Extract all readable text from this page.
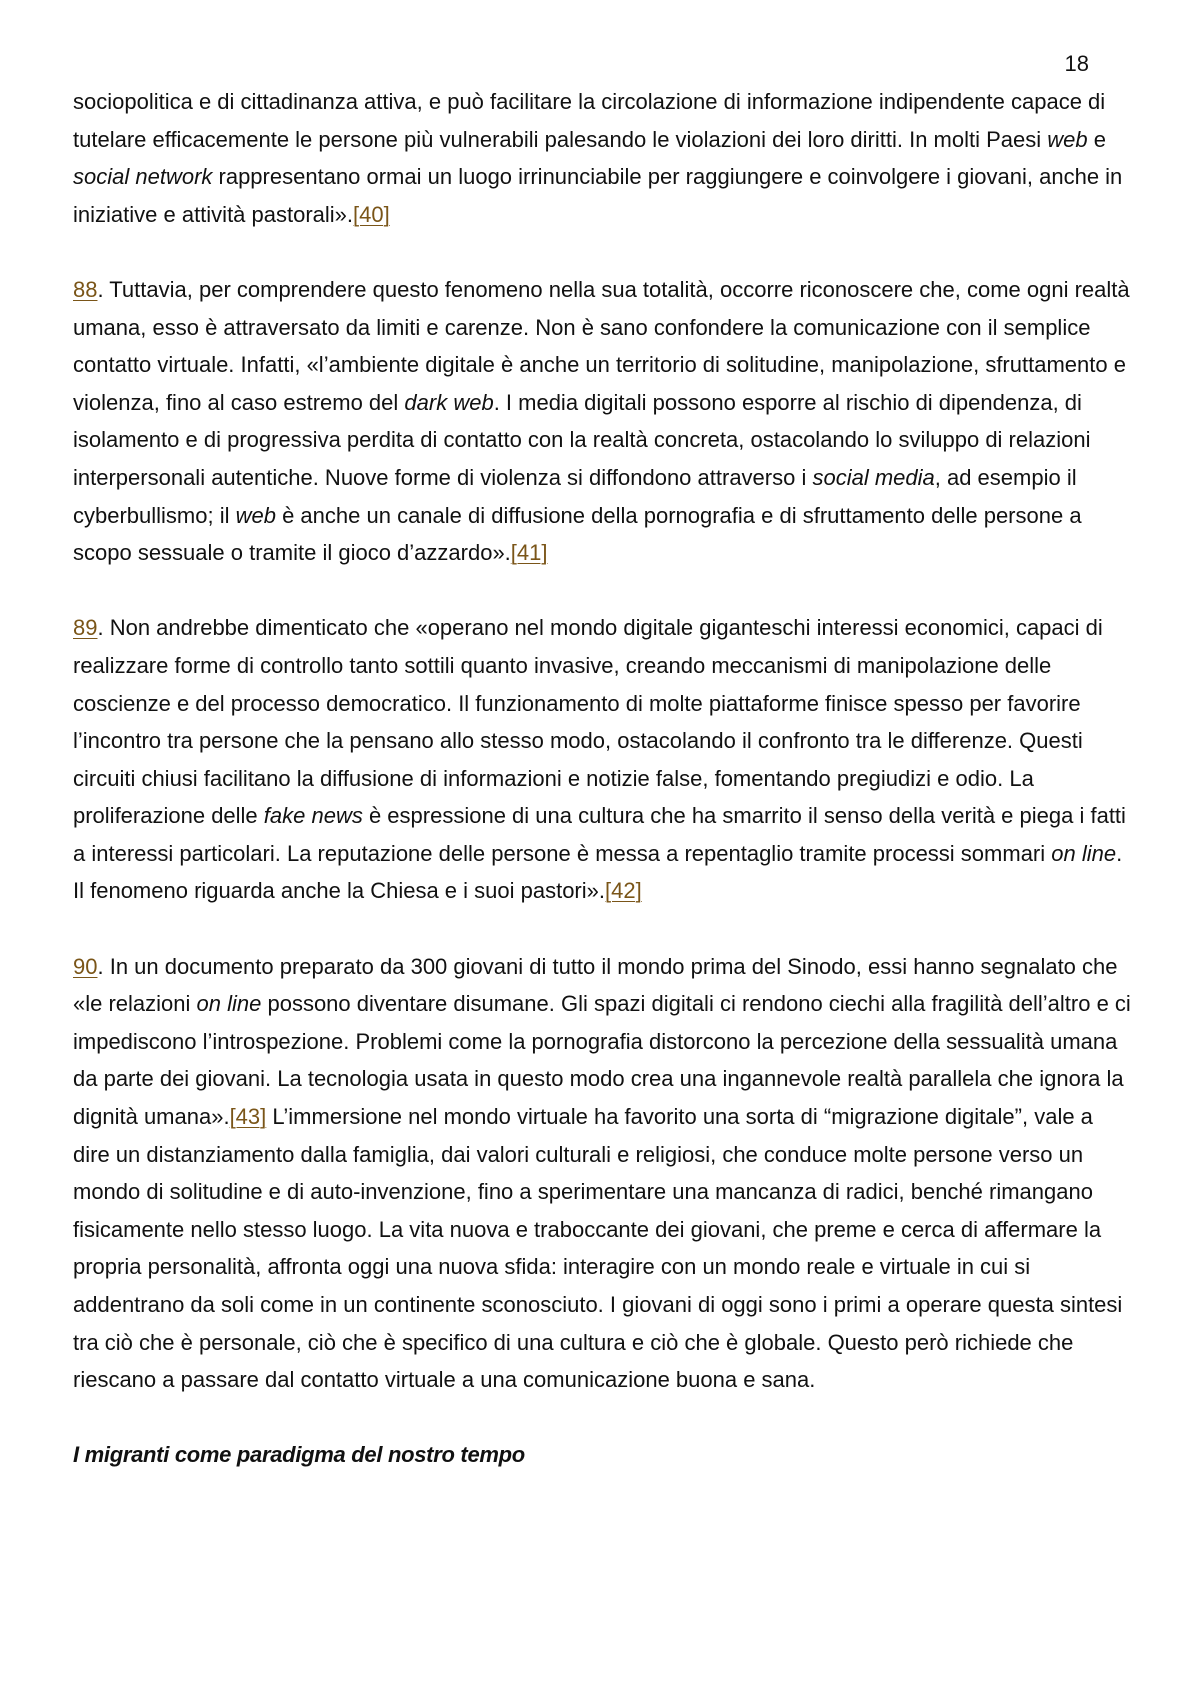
18

sociopolitica e di cittadinanza attiva, e può facilitare la circolazione di informazione indipendente capace di tutelare efficacemente le persone più vulnerabili palesando le violazioni dei loro diritti. In molti Paesi web e social network rappresentano ormai un luogo irrinunciabile per raggiungere e coinvolgere i giovani, anche in iniziative e attività pastorali».[40]

88. Tuttavia, per comprendere questo fenomeno nella sua totalità, occorre riconoscere che, come ogni realtà umana, esso è attraversato da limiti e carenze. Non è sano confondere la comunicazione con il semplice contatto virtuale. Infatti, «l’ambiente digitale è anche un territorio di solitudine, manipolazione, sfruttamento e violenza, fino al caso estremo del dark web. I media digitali possono esporre al rischio di dipendenza, di isolamento e di progressiva perdita di contatto con la realtà concreta, ostacolando lo sviluppo di relazioni interpersonali autentiche. Nuove forme di violenza si diffondono attraverso i social media, ad esempio il cyberbullismo; il web è anche un canale di diffusione della pornografia e di sfruttamento delle persone a scopo sessuale o tramite il gioco d’azzardo».[41]

89. Non andrebbe dimenticato che «operano nel mondo digitale giganteschi interessi economici, capaci di realizzare forme di controllo tanto sottili quanto invasive, creando meccanismi di manipolazione delle coscienze e del processo democratico. Il funzionamento di molte piattaforme finisce spesso per favorire l’incontro tra persone che la pensano allo stesso modo, ostacolando il confronto tra le differenze. Questi circuiti chiusi facilitano la diffusione di informazioni e notizie false, fomentando pregiudizi e odio. La proliferazione delle fake news è espressione di una cultura che ha smarrito il senso della verità e piega i fatti a interessi particolari. La reputazione delle persone è messa a repentaglio tramite processi sommari on line. Il fenomeno riguarda anche la Chiesa e i suoi pastori».[42]

90. In un documento preparato da 300 giovani di tutto il mondo prima del Sinodo, essi hanno segnalato che «le relazioni on line possono diventare disumane. Gli spazi digitali ci rendono ciechi alla fragilità dell’altro e ci impediscono l’introspezione. Problemi come la pornografia distorcono la percezione della sessualità umana da parte dei giovani. La tecnologia usata in questo modo crea una ingannevole realtà parallela che ignora la dignità umana».[43] L’immersione nel mondo virtuale ha favorito una sorta di “migrazione digitale”, vale a dire un distanziamento dalla famiglia, dai valori culturali e religiosi, che conduce molte persone verso un mondo di solitudine e di auto-invenzione, fino a sperimentare una mancanza di radici, benché rimangano fisicamente nello stesso luogo. La vita nuova e traboccante dei giovani, che preme e cerca di affermare la propria personalità, affronta oggi una nuova sfida: interagire con un mondo reale e virtuale in cui si addentrano da soli come in un continente sconosciuto. I giovani di oggi sono i primi a operare questa sintesi tra ciò che è personale, ciò che è specifico di una cultura e ciò che è globale. Questo però richiede che riescano a passare dal contatto virtuale a una comunicazione buona e sana.

I migranti come paradigma del nostro tempo
